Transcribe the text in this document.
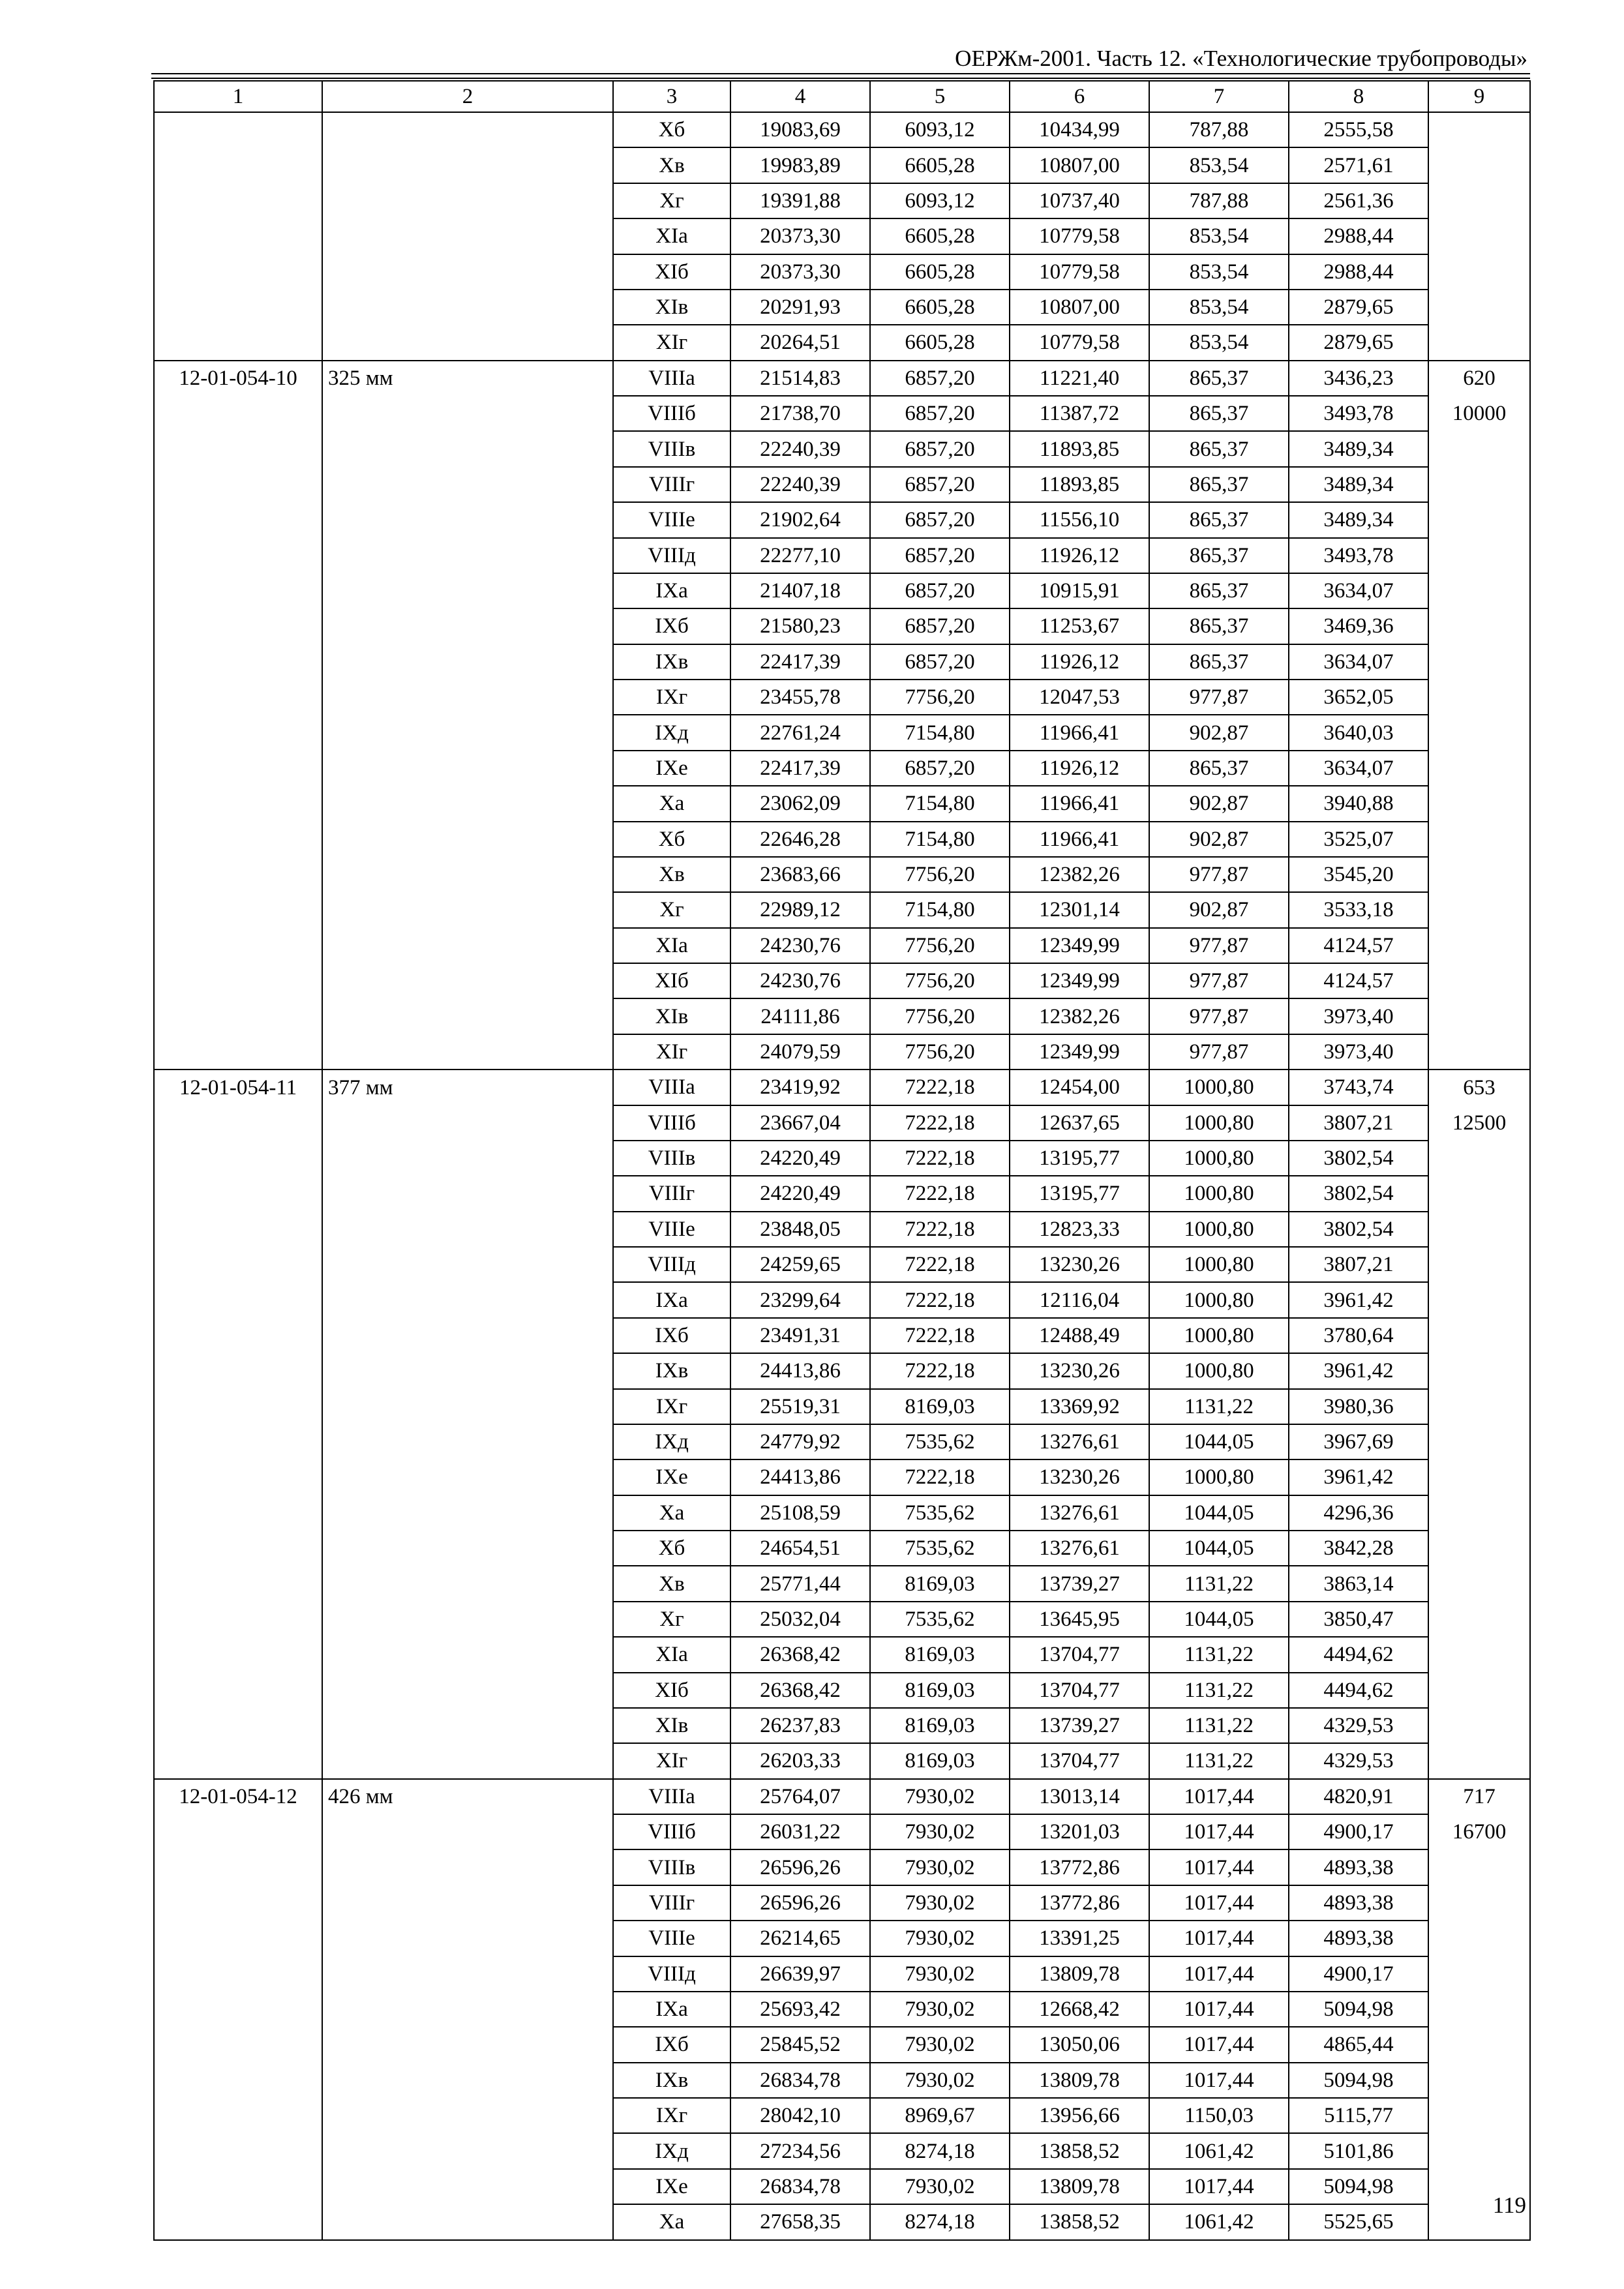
ОЕРЖм-2001. Часть 12. «Технологические трубопроводы»
1	2	3	4	5	6	7	8	9
		Хб	19083,69	6093,12	10434,99	787,88	2555,58	
		Хв	19983,89	6605,28	10807,00	853,54	2571,61	
		Хг	19391,88	6093,12	10737,40	787,88	2561,36	
		ХIа	20373,30	6605,28	10779,58	853,54	2988,44	
		ХIб	20373,30	6605,28	10779,58	853,54	2988,44	
		ХIв	20291,93	6605,28	10807,00	853,54	2879,65	
		ХIг	20264,51	6605,28	10779,58	853,54	2879,65	
12-01-054-10	325 мм	VIIIа	21514,83	6857,20	11221,40	865,37	3436,23	620
		VIIIб	21738,70	6857,20	11387,72	865,37	3493,78	10000
		VIIIв	22240,39	6857,20	11893,85	865,37	3489,34	
		VIIIг	22240,39	6857,20	11893,85	865,37	3489,34	
		VIIIе	21902,64	6857,20	11556,10	865,37	3489,34	
		VIIIд	22277,10	6857,20	11926,12	865,37	3493,78	
		IХа	21407,18	6857,20	10915,91	865,37	3634,07	
		IХб	21580,23	6857,20	11253,67	865,37	3469,36	
		IХв	22417,39	6857,20	11926,12	865,37	3634,07	
		IХг	23455,78	7756,20	12047,53	977,87	3652,05	
		IХд	22761,24	7154,80	11966,41	902,87	3640,03	
		IХе	22417,39	6857,20	11926,12	865,37	3634,07	
		Ха	23062,09	7154,80	11966,41	902,87	3940,88	
		Хб	22646,28	7154,80	11966,41	902,87	3525,07	
		Хв	23683,66	7756,20	12382,26	977,87	3545,20	
		Хг	22989,12	7154,80	12301,14	902,87	3533,18	
		ХIа	24230,76	7756,20	12349,99	977,87	4124,57	
		ХIб	24230,76	7756,20	12349,99	977,87	4124,57	
		ХIв	24111,86	7756,20	12382,26	977,87	3973,40	
		ХIг	24079,59	7756,20	12349,99	977,87	3973,40	
12-01-054-11	377 мм	VIIIа	23419,92	7222,18	12454,00	1000,80	3743,74	653
		VIIIб	23667,04	7222,18	12637,65	1000,80	3807,21	12500
		VIIIв	24220,49	7222,18	13195,77	1000,80	3802,54	
		VIIIг	24220,49	7222,18	13195,77	1000,80	3802,54	
		VIIIе	23848,05	7222,18	12823,33	1000,80	3802,54	
		VIIIд	24259,65	7222,18	13230,26	1000,80	3807,21	
		IХа	23299,64	7222,18	12116,04	1000,80	3961,42	
		IХб	23491,31	7222,18	12488,49	1000,80	3780,64	
		IХв	24413,86	7222,18	13230,26	1000,80	3961,42	
		IХг	25519,31	8169,03	13369,92	1131,22	3980,36	
		IХд	24779,92	7535,62	13276,61	1044,05	3967,69	
		IХе	24413,86	7222,18	13230,26	1000,80	3961,42	
		Ха	25108,59	7535,62	13276,61	1044,05	4296,36	
		Хб	24654,51	7535,62	13276,61	1044,05	3842,28	
		Хв	25771,44	8169,03	13739,27	1131,22	3863,14	
		Хг	25032,04	7535,62	13645,95	1044,05	3850,47	
		ХIа	26368,42	8169,03	13704,77	1131,22	4494,62	
		ХIб	26368,42	8169,03	13704,77	1131,22	4494,62	
		ХIв	26237,83	8169,03	13739,27	1131,22	4329,53	
		ХIг	26203,33	8169,03	13704,77	1131,22	4329,53	
12-01-054-12	426 мм	VIIIа	25764,07	7930,02	13013,14	1017,44	4820,91	717
		VIIIб	26031,22	7930,02	13201,03	1017,44	4900,17	16700
		VIIIв	26596,26	7930,02	13772,86	1017,44	4893,38	
		VIIIг	26596,26	7930,02	13772,86	1017,44	4893,38	
		VIIIе	26214,65	7930,02	13391,25	1017,44	4893,38	
		VIIIд	26639,97	7930,02	13809,78	1017,44	4900,17	
		IХа	25693,42	7930,02	12668,42	1017,44	5094,98	
		IХб	25845,52	7930,02	13050,06	1017,44	4865,44	
		IХв	26834,78	7930,02	13809,78	1017,44	5094,98	
		IХг	28042,10	8969,67	13956,66	1150,03	5115,77	
		IХд	27234,56	8274,18	13858,52	1061,42	5101,86	
		IХе	26834,78	7930,02	13809,78	1017,44	5094,98	
		Ха	27658,35	8274,18	13858,52	1061,42	5525,65	
119
